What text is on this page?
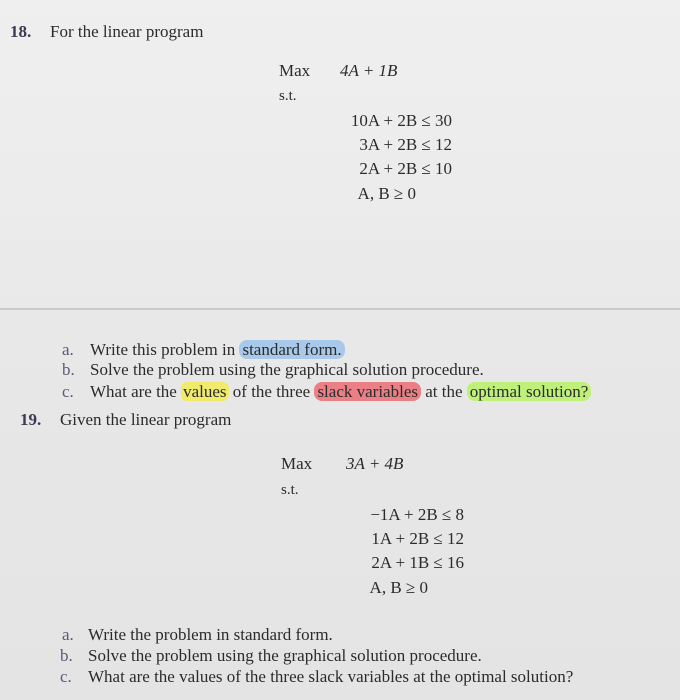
18. For the linear program
Max 4A + 1B
s.t.
10A + 2B ≤ 30
3A + 2B ≤ 12
2A + 2B ≤ 10
A, B ≥ 0
a. Write this problem in standard form.
b. Solve the problem using the graphical solution procedure.
c. What are the values of the three slack variables at the optimal solution?
19. Given the linear program
Max 3A + 4B
s.t.
−1A + 2B ≤ 8
1A + 2B ≤ 12
2A + 1B ≤ 16
A, B ≥ 0
a. Write the problem in standard form.
b. Solve the problem using the graphical solution procedure.
c. What are the values of the three slack variables at the optimal solution?
